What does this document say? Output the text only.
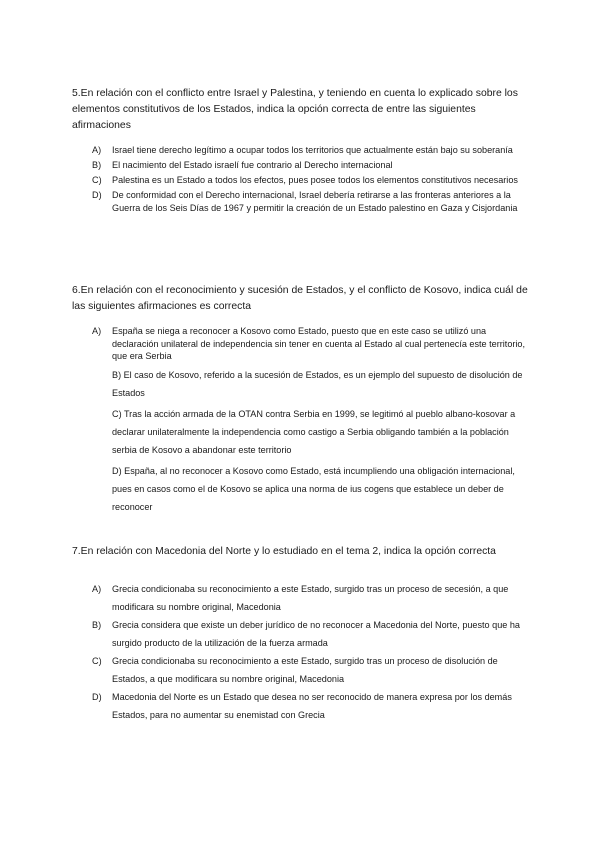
5.En relación con el conflicto entre Israel y Palestina, y teniendo en cuenta lo explicado sobre los elementos constitutivos de los Estados, indica la opción correcta de entre las siguientes afirmaciones
A)	Israel tiene derecho legítimo a ocupar todos los territorios que actualmente están bajo su soberanía
B)	El nacimiento del Estado israelí fue contrario al Derecho internacional
C)	Palestina es un Estado a todos los efectos, pues posee todos los elementos constitutivos necesarios
D)	De conformidad con el Derecho internacional, Israel debería retirarse a las fronteras anteriores a la Guerra de los Seis Días de 1967 y permitir la creación de un Estado palestino en Gaza y Cisjordania
6.En relación con el reconocimiento y sucesión de Estados, y el conflicto de Kosovo, indica cuál de las siguientes afirmaciones es correcta
A)	España se niega a reconocer a Kosovo como Estado, puesto que en este caso se utilizó una declaración unilateral de independencia sin tener en cuenta al Estado al cual pertenecía este territorio, que era Serbia
B) El caso de Kosovo, referido a la sucesión de Estados, es un ejemplo del supuesto de disolución de Estados
C) Tras la acción armada de la OTAN contra Serbia en 1999, se legitimó al pueblo albano-kosovar a declarar unilateralmente la independencia como castigo a Serbia obligando también a la población serbia de Kosovo a abandonar este territorio
D) España, al no reconocer a Kosovo como Estado, está incumpliendo una obligación internacional, pues en casos como el de Kosovo se aplica una norma de ius cogens que establece un deber de reconocer
7.En relación con Macedonia del Norte y lo estudiado en el tema 2, indica la opción correcta
A)	Grecia condicionaba su reconocimiento a este Estado, surgido tras un proceso de secesión, a que modificara su nombre original, Macedonia
B)	Grecia considera que existe un deber jurídico de no reconocer a Macedonia del Norte, puesto que ha surgido producto de la utilización de la fuerza armada
C)	Grecia condicionaba su reconocimiento a este Estado, surgido tras un proceso de disolución de Estados, a que modificara su nombre original, Macedonia
D)	Macedonia del Norte es un Estado que desea no ser reconocido de manera expresa por los demás Estados, para no aumentar su enemistad con Grecia
